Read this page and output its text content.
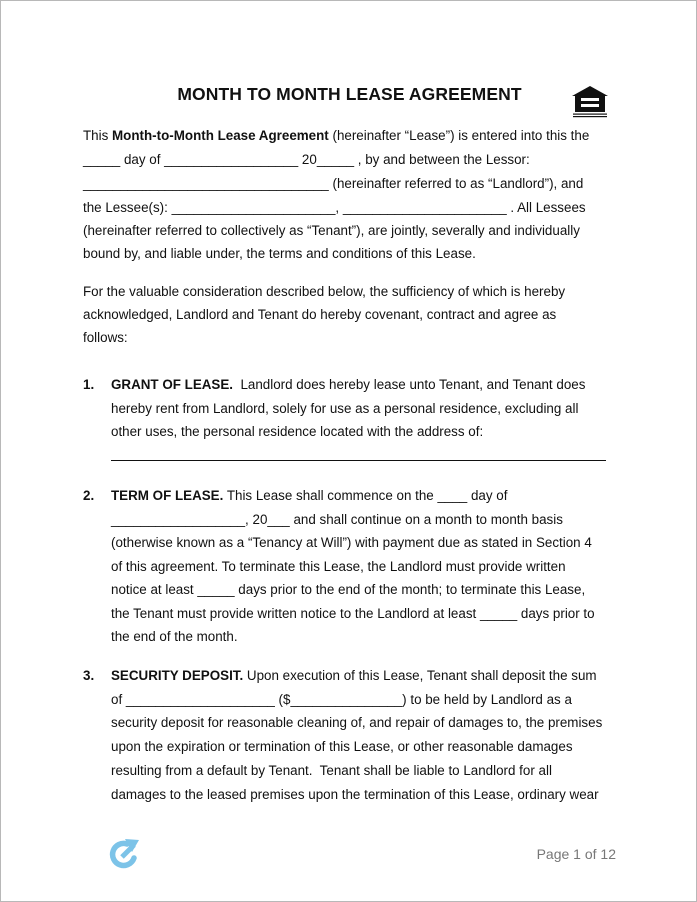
MONTH TO MONTH LEASE AGREEMENT
This Month-to-Month Lease Agreement (hereinafter “Lease”) is entered into this the
_____ day of __________________ 20_____ , by and between the Lessor:
_________________________________ (hereinafter referred to as “Landlord”), and
the Lessee(s): ______________________, ______________________ . All Lessees
(hereinafter referred to collectively as “Tenant”), are jointly, severally and individually
bound by, and liable under, the terms and conditions of this Lease.
For the valuable consideration described below, the sufficiency of which is hereby
acknowledged, Landlord and Tenant do hereby covenant, contract and agree as
follows:
1. GRANT OF LEASE.  Landlord does hereby lease unto Tenant, and Tenant does
hereby rent from Landlord, solely for use as a personal residence, excluding all
other uses, the personal residence located with the address of:
2. TERM OF LEASE. This Lease shall commence on the ____ day of
__________________, 20___ and shall continue on a month to month basis
(otherwise known as a “Tenancy at Will”) with payment due as stated in Section 4
of this agreement. To terminate this Lease, the Landlord must provide written
notice at least _____ days prior to the end of the month; to terminate this Lease,
the Tenant must provide written notice to the Landlord at least _____ days prior to
the end of the month.
3. SECURITY DEPOSIT. Upon execution of this Lease, Tenant shall deposit the sum
of ____________________ ($_______________) to be held by Landlord as a
security deposit for reasonable cleaning of, and repair of damages to, the premises
upon the expiration or termination of this Lease, or other reasonable damages
resulting from a default by Tenant.  Tenant shall be liable to Landlord for all
damages to the leased premises upon the termination of this Lease, ordinary wear
Page 1 of 12
